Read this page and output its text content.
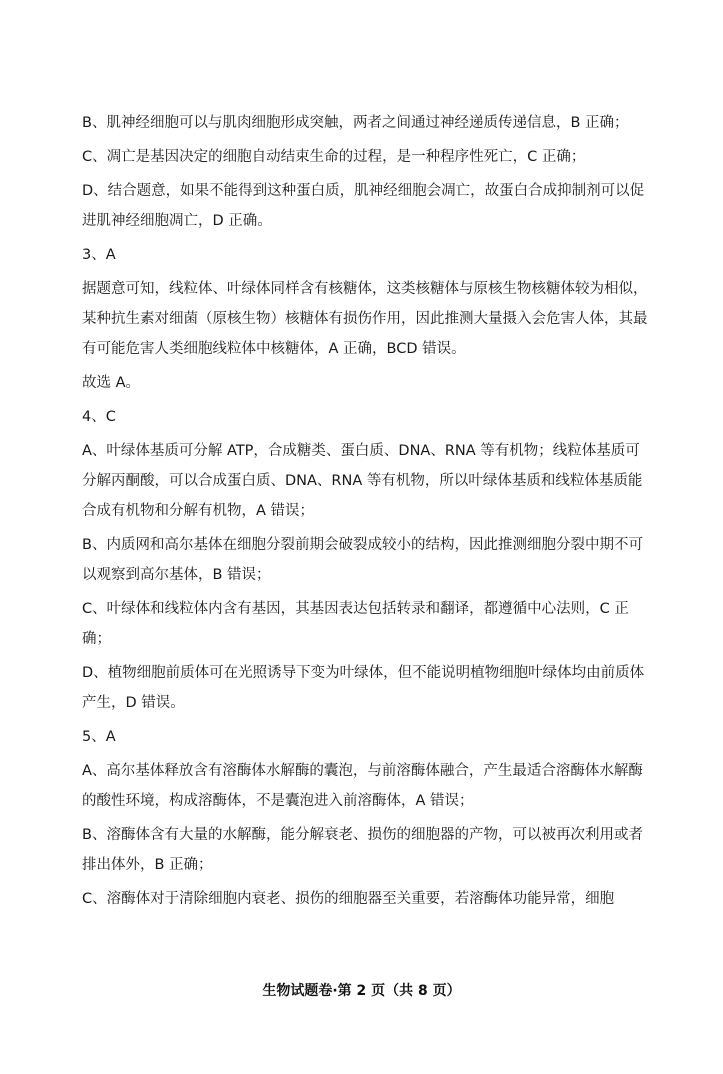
B、肌神经细胞可以与肌肉细胞形成突触，两者之间通过神经递质传递信息，B 正确；

C、凋亡是基因决定的细胞自动结束生命的过程，是一种程序性死亡，C 正确；

D、结合题意，如果不能得到这种蛋白质，肌神经细胞会凋亡，故蛋白合成抑制剂可以促进肌神经细胞凋亡，D 正确。

3、A

据题意可知，线粒体、叶绿体同样含有核糖体，这类核糖体与原核生物核糖体较为相似，某种抗生素对细菌（原核生物）核糖体有损伤作用，因此推测大量摄入会危害人体，其最有可能危害人类细胞线粒体中核糖体，A 正确，BCD 错误。

故选 A。

4、C

A、叶绿体基质可分解 ATP，合成糖类、蛋白质、DNA、RNA 等有机物；线粒体基质可分解丙酮酸，可以合成蛋白质、DNA、RNA 等有机物，所以叶绿体基质和线粒体基质能合成有机物和分解有机物，A 错误；

B、内质网和高尔基体在细胞分裂前期会破裂成较小的结构，因此推测细胞分裂中期不可以观察到高尔基体，B 错误；

C、叶绿体和线粒体内含有基因，其基因表达包括转录和翻译，都遵循中心法则，C 正确；

D、植物细胞前质体可在光照诱导下变为叶绿体，但不能说明植物细胞叶绿体均由前质体产生，D 错误。

5、A

A、高尔基体释放含有溶酶体水解酶的囊泡，与前溶酶体融合，产生最适合溶酶体水解酶的酸性环境，构成溶酶体，不是囊泡进入前溶酶体，A 错误；

B、溶酶体含有大量的水解酶，能分解衰老、损伤的细胞器的产物，可以被再次利用或者排出体外，B 正确；

C、溶酶体对于清除细胞内衰老、损伤的细胞器至关重要，若溶酶体功能异常，细胞

生物试题卷·第 2 页（共 8 页）
